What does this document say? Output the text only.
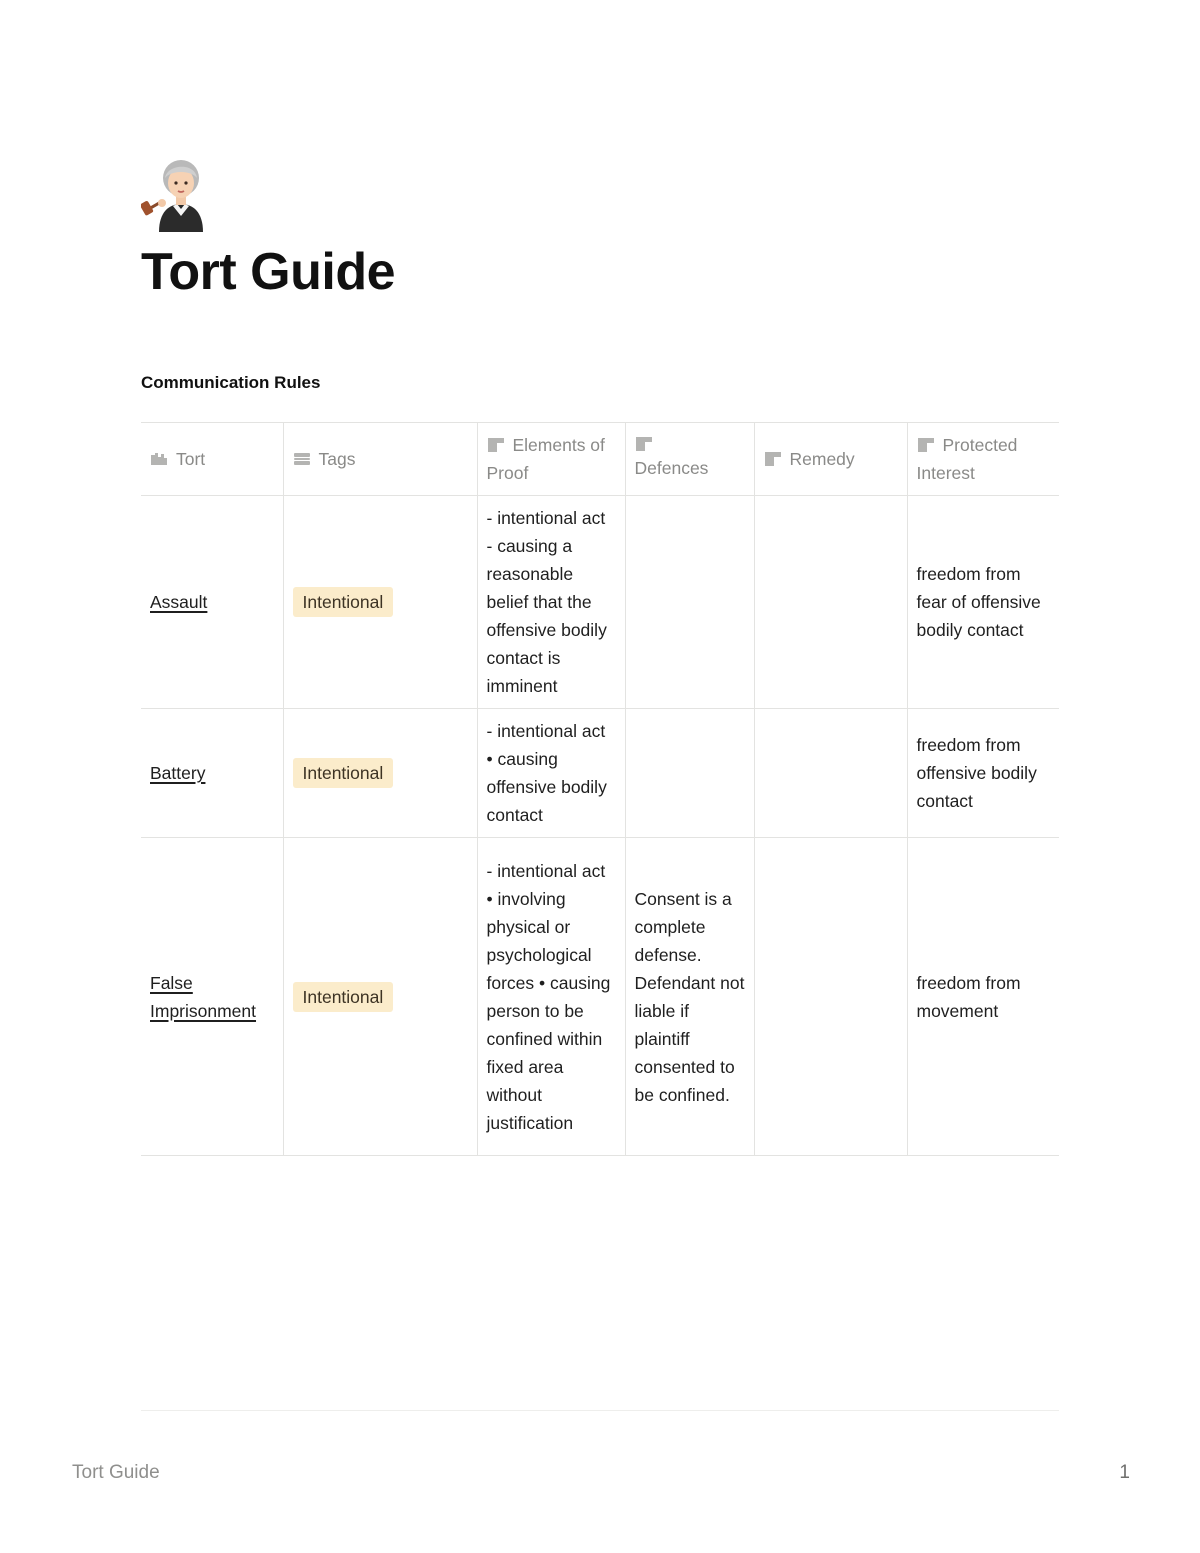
Tort Guide
Communication Rules
Tort	Tags	Elements of Proof	Defences	Remedy	Protected Interest
Assault	Intentional	- intentional act - causing a reasonable belief that the offensive bodily contact is imminent			freedom from fear of offensive bodily contact
Battery	Intentional	- intentional act • causing offensive bodily contact			freedom from offensive bodily contact
False Imprisonment	Intentional	- intentional act • involving physical or psychological forces • causing person to be confined within fixed area without justification	Consent is a complete defense. Defendant not liable if plaintiff consented to be confined.		freedom from movement
Tort Guide	1
